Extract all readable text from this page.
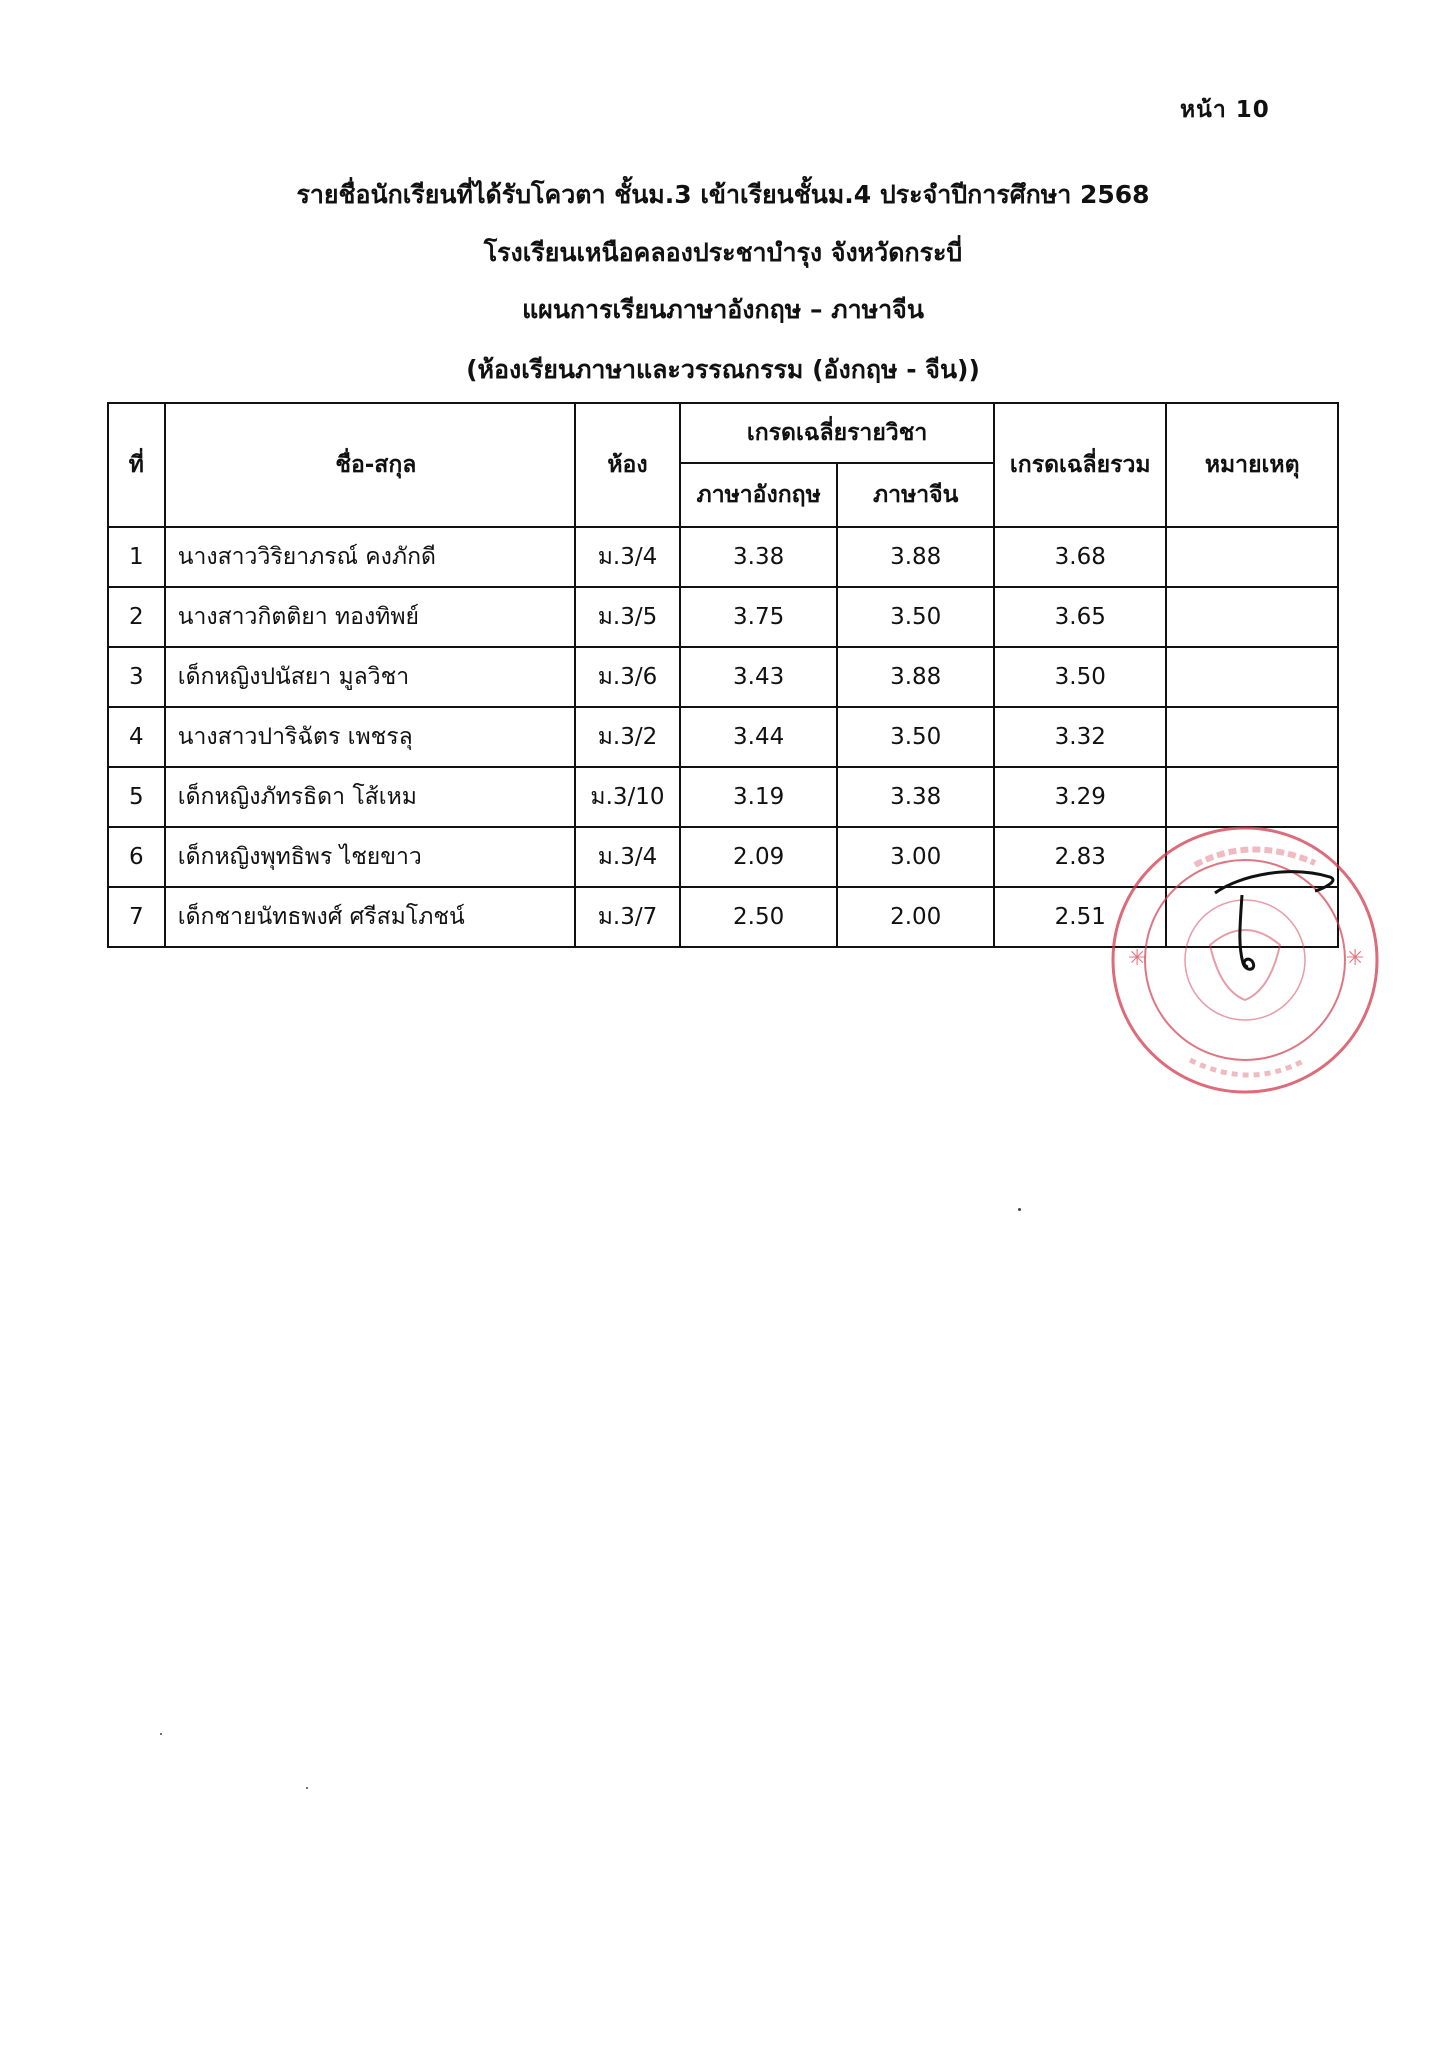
หน้า 10
รายชื่อนักเรียนที่ได้รับโควตา ชั้นม.3 เข้าเรียนชั้นม.4 ประจำปีการศึกษา 2568
โรงเรียนเหนือคลองประชาบำรุง จังหวัดกระบี่
แผนการเรียนภาษาอังกฤษ – ภาษาจีน
(ห้องเรียนภาษาและวรรณกรรม (อังกฤษ - จีน))
ที่	ชื่อ-สกุล	ห้อง	เกรดเฉลี่ยรายวิชา		เกรดเฉลี่ยรวม	หมายเหตุ
			ภาษาอังกฤษ	ภาษาจีน		
1	นางสาววิริยาภรณ์ คงภักดี	ม.3/4	3.38	3.88	3.68	
2	นางสาวกิตติยา ทองทิพย์	ม.3/5	3.75	3.50	3.65	
3	เด็กหญิงปนัสยา มูลวิชา	ม.3/6	3.43	3.88	3.50	
4	นางสาวปาริฉัตร เพชรลุ	ม.3/2	3.44	3.50	3.32	
5	เด็กหญิงภัทรธิดา โส้เหม	ม.3/10	3.19	3.38	3.29	
6	เด็กหญิงพุทธิพร ไชยขาว	ม.3/4	2.09	3.00	2.83	
7	เด็กชายนัทธพงศ์ ศรีสมโภชน์	ม.3/7	2.50	2.00	2.51	
✳	✳
